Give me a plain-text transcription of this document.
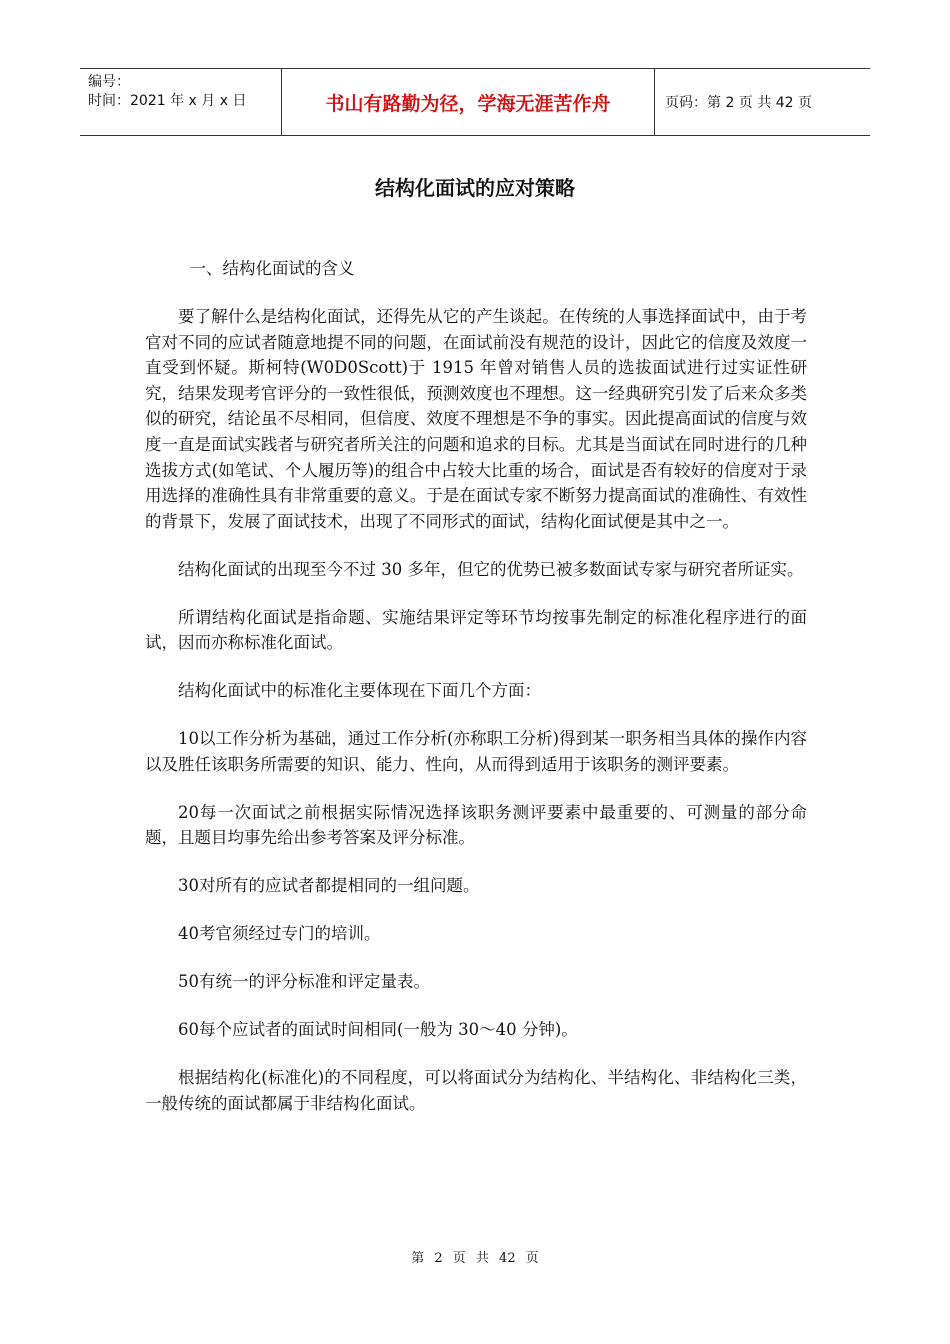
编号：
时间：2021 年 x 月 x 日	书山有路勤为径，学海无涯苦作舟	页码：第 2 页 共 42 页
结构化面试的应对策略

一、结构化面试的含义

要了解什么是结构化面试，还得先从它的产生谈起。在传统的人事选择面试中，由于考官对不同的应试者随意地提不同的问题，在面试前没有规范的设计，因此它的信度及效度一直受到怀疑。斯柯特(W0D0Scott)于 1915 年曾对销售人员的选拔面试进行过实证性研究，结果发现考官评分的一致性很低，预测效度也不理想。这一经典研究引发了后来众多类似的研究，结论虽不尽相同，但信度、效度不理想是不争的事实。因此提高面试的信度与效度一直是面试实践者与研究者所关注的问题和追求的目标。尤其是当面试在同时进行的几种选拔方式(如笔试、个人履历等)的组合中占较大比重的场合，面试是否有较好的信度对于录用选择的准确性具有非常重要的意义。于是在面试专家不断努力提高面试的准确性、有效性的背景下，发展了面试技术，出现了不同形式的面试，结构化面试便是其中之一。

结构化面试的出现至今不过 30 多年，但它的优势已被多数面试专家与研究者所证实。

所谓结构化面试是指命题、实施结果评定等环节均按事先制定的标准化程序进行的面试，因而亦称标准化面试。

结构化面试中的标准化主要体现在下面几个方面：

10以工作分析为基础，通过工作分析(亦称职工分析)得到某一职务相当具体的操作内容以及胜任该职务所需要的知识、能力、性向，从而得到适用于该职务的测评要素。

20每一次面试之前根据实际情况选择该职务测评要素中最重要的、可测量的部分命题，且题目均事先给出参考答案及评分标准。

30对所有的应试者都提相同的一组问题。

40考官须经过专门的培训。

50有统一的评分标准和评定量表。

60每个应试者的面试时间相同(一般为 30～40 分钟)。

根据结构化(标准化)的不同程度，可以将面试分为结构化、半结构化、非结构化三类，一般传统的面试都属于非结构化面试。

第 2 页 共 42 页
